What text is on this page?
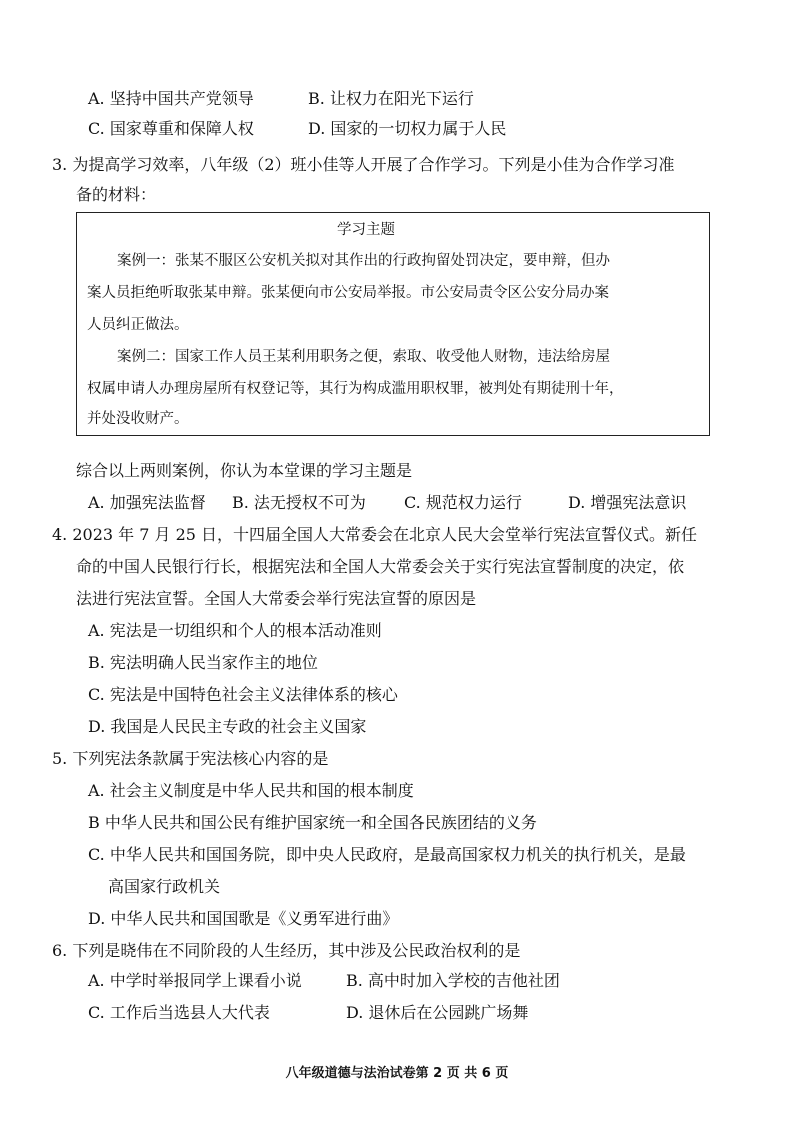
A. 坚持中国共产党领导	B. 让权力在阳光下运行
C. 国家尊重和保障人权	D. 国家的一切权力属于人民
3. 为提高学习效率，八年级（2）班小佳等人开展了合作学习。下列是小佳为合作学习准
备的材料：
学习主题
案例一：张某不服区公安机关拟对其作出的行政拘留处罚决定，要申辩，但办
案人员拒绝听取张某申辩。张某便向市公安局举报。市公安局责令区公安分局办案
人员纠正做法。
案例二：国家工作人员王某利用职务之便，索取、收受他人财物，违法给房屋
权属申请人办理房屋所有权登记等，其行为构成滥用职权罪，被判处有期徒刑十年，
并处没收财产。
综合以上两则案例，你认为本堂课的学习主题是
A. 加强宪法监督 B. 法无授权不可为 C. 规范权力运行	D. 增强宪法意识
4. 2023 年 7 月 25 日，十四届全国人大常委会在北京人民大会堂举行宪法宣誓仪式。新任
命的中国人民银行行长，根据宪法和全国人大常委会关于实行宪法宣誓制度的决定，依
法进行宪法宣誓。全国人大常委会举行宪法宣誓的原因是
A. 宪法是一切组织和个人的根本活动准则
B. 宪法明确人民当家作主的地位
C. 宪法是中国特色社会主义法律体系的核心
D. 我国是人民民主专政的社会主义国家
5. 下列宪法条款属于宪法核心内容的是
A. 社会主义制度是中华人民共和国的根本制度
B 中华人民共和国公民有维护国家统一和全国各民族团结的义务
C. 中华人民共和国国务院，即中央人民政府，是最高国家权力机关的执行机关，是最
高国家行政机关
D. 中华人民共和国国歌是《义勇军进行曲》
6. 下列是晓伟在不同阶段的人生经历，其中涉及公民政治权利的是
A. 中学时举报同学上课看小说	B. 高中时加入学校的吉他社团
C. 工作后当选县人大代表	D. 退休后在公园跳广场舞
八年级道德与法治试卷第 2 页 共 6 页
